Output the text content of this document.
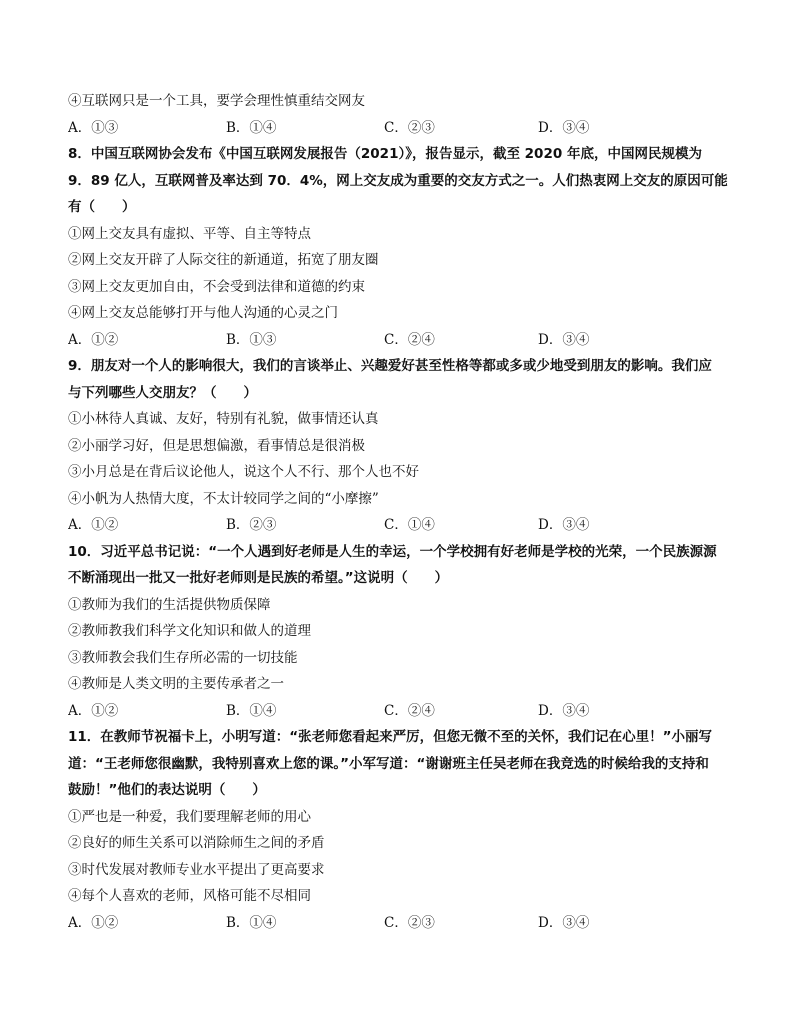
④互联网只是一个工具，要学会理性慎重结交网友
A．①③	B．①④	C．②③	D．③④
8．中国互联网协会发布《中国互联网发展报告（2021）》，报告显示，截至 2020 年底，中国网民规模为
9．89 亿人，互联网普及率达到 70．4%，网上交友成为重要的交友方式之一。人们热衷网上交友的原因可能
有（　　）
①网上交友具有虚拟、平等、自主等特点
②网上交友开辟了人际交往的新通道，拓宽了朋友圈
③网上交友更加自由，不会受到法律和道德的约束
④网上交友总能够打开与他人沟通的心灵之门
A．①②	B．①③	C．②④	D．③④
9．朋友对一个人的影响很大，我们的言谈举止、兴趣爱好甚至性格等都或多或少地受到朋友的影响。我们应
与下列哪些人交朋友？（　　）
①小林待人真诚、友好，特别有礼貌，做事情还认真
②小丽学习好，但是思想偏激，看事情总是很消极
③小月总是在背后议论他人，说这个人不行、那个人也不好
④小帆为人热情大度，不太计较同学之间的“小摩擦”
A．①②	B．②③	C．①④	D．③④
10．习近平总书记说：“一个人遇到好老师是人生的幸运，一个学校拥有好老师是学校的光荣，一个民族源源
不断涌现出一批又一批好老师则是民族的希望。”这说明（　　）
①教师为我们的生活提供物质保障
②教师教我们科学文化知识和做人的道理
③教师教会我们生存所必需的一切技能
④教师是人类文明的主要传承者之一
A．①②	B．①④	C．②④	D．③④
11．在教师节祝福卡上，小明写道：“张老师您看起来严厉，但您无微不至的关怀，我们记在心里！”小丽写
道：“王老师您很幽默，我特别喜欢上您的课。”小军写道：“谢谢班主任吴老师在我竞选的时候给我的支持和
鼓励！”他们的表达说明（　　）
①严也是一种爱，我们要理解老师的用心
②良好的师生关系可以消除师生之间的矛盾
③时代发展对教师专业水平提出了更高要求
④每个人喜欢的老师，风格可能不尽相同
A．①②	B．①④	C．②③	D．③④
